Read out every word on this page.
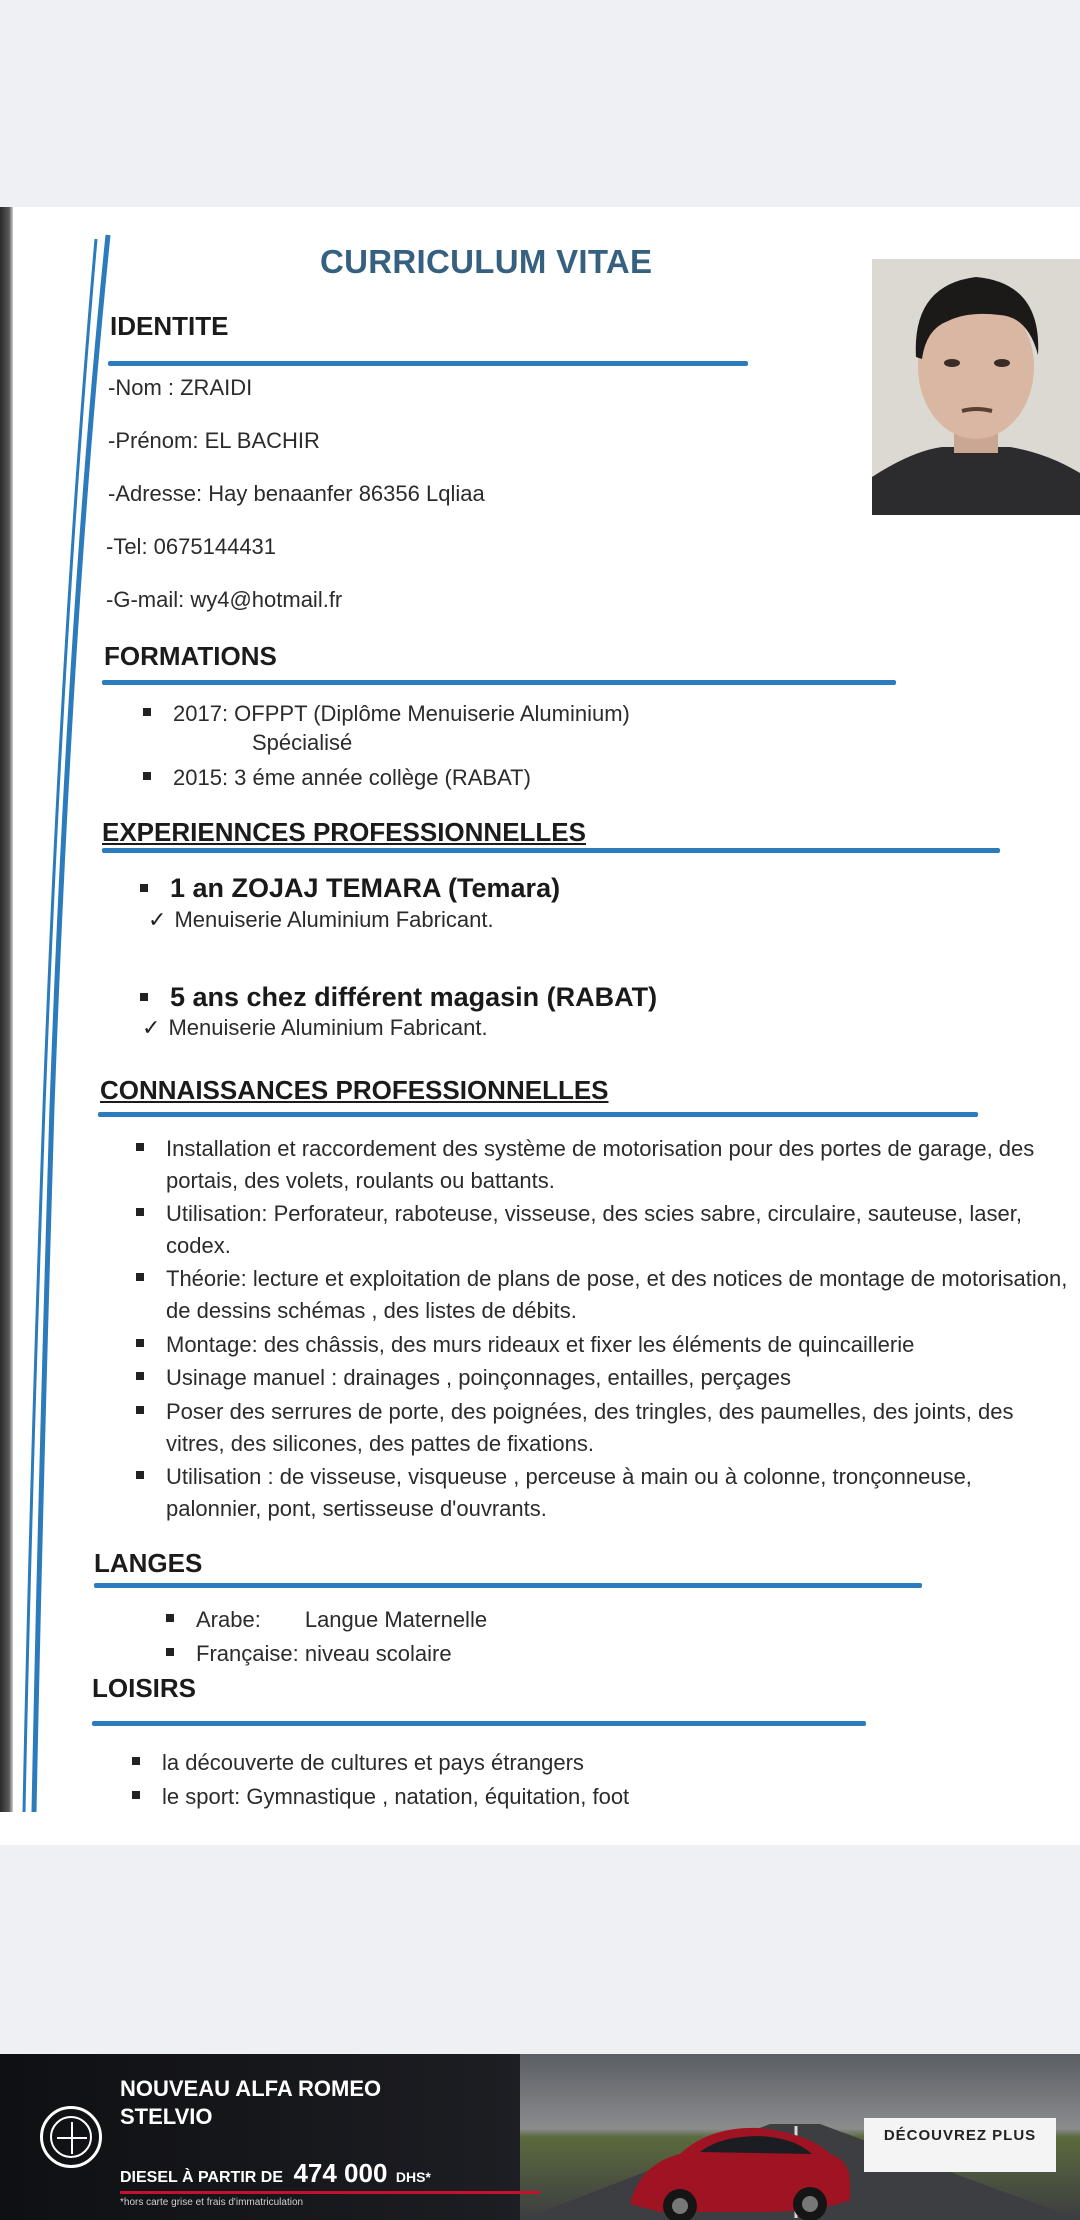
CURRICULUM VITAE
IDENTITE
-Nom : ZRAIDI
-Prénom: EL BACHIR
-Adresse: Hay benaanfer 86356 Lqliaa
-Tel: 0675144431
-G-mail: wy4@hotmail.fr
FORMATIONS
2017: OFPPT (Diplôme Menuiserie Aluminium)
Spécialisé
2015: 3 éme année collège (RABAT)
EXPERIENNCES PROFESSIONNELLES
1 an ZOJAJ TEMARA (Temara)
✓ Menuiserie Aluminium Fabricant.
5 ans chez différent magasin (RABAT)
✓ Menuiserie Aluminium Fabricant.
CONNAISSANCES PROFESSIONNELLES
Installation et raccordement des système de motorisation pour des portes de garage, des portais, des volets, roulants ou battants.
Utilisation: Perforateur, raboteuse, visseuse, des scies sabre, circulaire, sauteuse, laser, codex.
Théorie: lecture et exploitation de plans de pose, et des notices de montage de motorisation, de dessins schémas , des listes de débits.
Montage: des châssis, des murs rideaux et fixer les éléments de quincaillerie
Usinage manuel : drainages , poinçonnages, entailles, perçages
Poser des serrures de porte, des poignées, des tringles, des paumelles, des joints, des vitres, des silicones, des pattes de fixations.
Utilisation : de visseuse, visqueuse , perceuse à main ou à colonne, tronçonneuse, palonnier, pont, sertisseuse d'ouvrants.
LANGES
Arabe: Langue Maternelle
Française: niveau scolaire
LOISIRS
la découverte de cultures et pays étrangers
le sport: Gymnastique , natation, équitation, foot
NOUVEAU ALFA ROMEO
STELVIO
DIESEL À PARTIR DE 474 000 DHS*
*hors carte grise et frais d'immatriculation
DÉCOUVREZ PLUS
